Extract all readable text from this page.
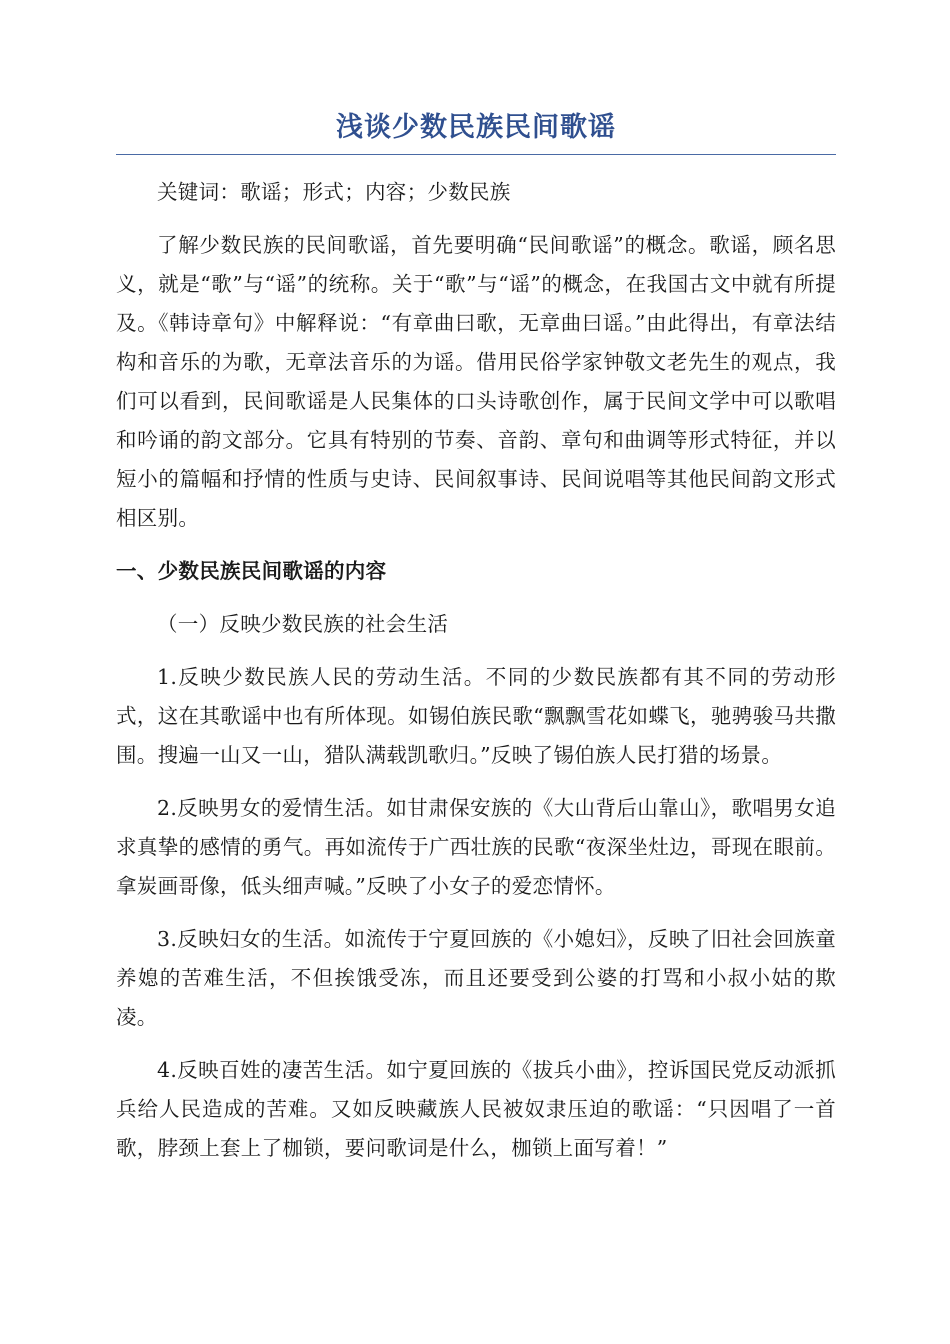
浅谈少数民族民间歌谣

关键词：歌谣；形式；内容；少数民族

了解少数民族的民间歌谣，首先要明确“民间歌谣”的概念。歌谣，顾名思义，就是“歌”与“谣”的统称。关于“歌”与“谣”的概念，在我国古文中就有所提及。《韩诗章句》中解释说：“有章曲曰歌，无章曲曰谣。”由此得出，有章法结构和音乐的为歌，无章法音乐的为谣。借用民俗学家钟敬文老先生的观点，我们可以看到，民间歌谣是人民集体的口头诗歌创作，属于民间文学中可以歌唱和吟诵的韵文部分。它具有特别的节奏、音韵、章句和曲调等形式特征，并以短小的篇幅和抒情的性质与史诗、民间叙事诗、民间说唱等其他民间韵文形式相区别。

一、少数民族民间歌谣的内容

（一）反映少数民族的社会生活

1.反映少数民族人民的劳动生活。不同的少数民族都有其不同的劳动形式，这在其歌谣中也有所体现。如锡伯族民歌“飘飘雪花如蝶飞，驰骋骏马共撒围。搜遍一山又一山，猎队满载凯歌归。”反映了锡伯族人民打猎的场景。

2.反映男女的爱情生活。如甘肃保安族的《大山背后山靠山》，歌唱男女追求真挚的感情的勇气。再如流传于广西壮族的民歌“夜深坐灶边，哥现在眼前。拿炭画哥像，低头细声喊。”反映了小女子的爱恋情怀。

3.反映妇女的生活。如流传于宁夏回族的《小媳妇》，反映了旧社会回族童养媳的苦难生活，不但挨饿受冻，而且还要受到公婆的打骂和小叔小姑的欺凌。

4.反映百姓的凄苦生活。如宁夏回族的《拔兵小曲》，控诉国民党反动派抓兵给人民造成的苦难。又如反映藏族人民被奴隶压迫的歌谣：“只因唱了一首歌，脖颈上套上了枷锁，要问歌词是什么，枷锁上面写着！”
